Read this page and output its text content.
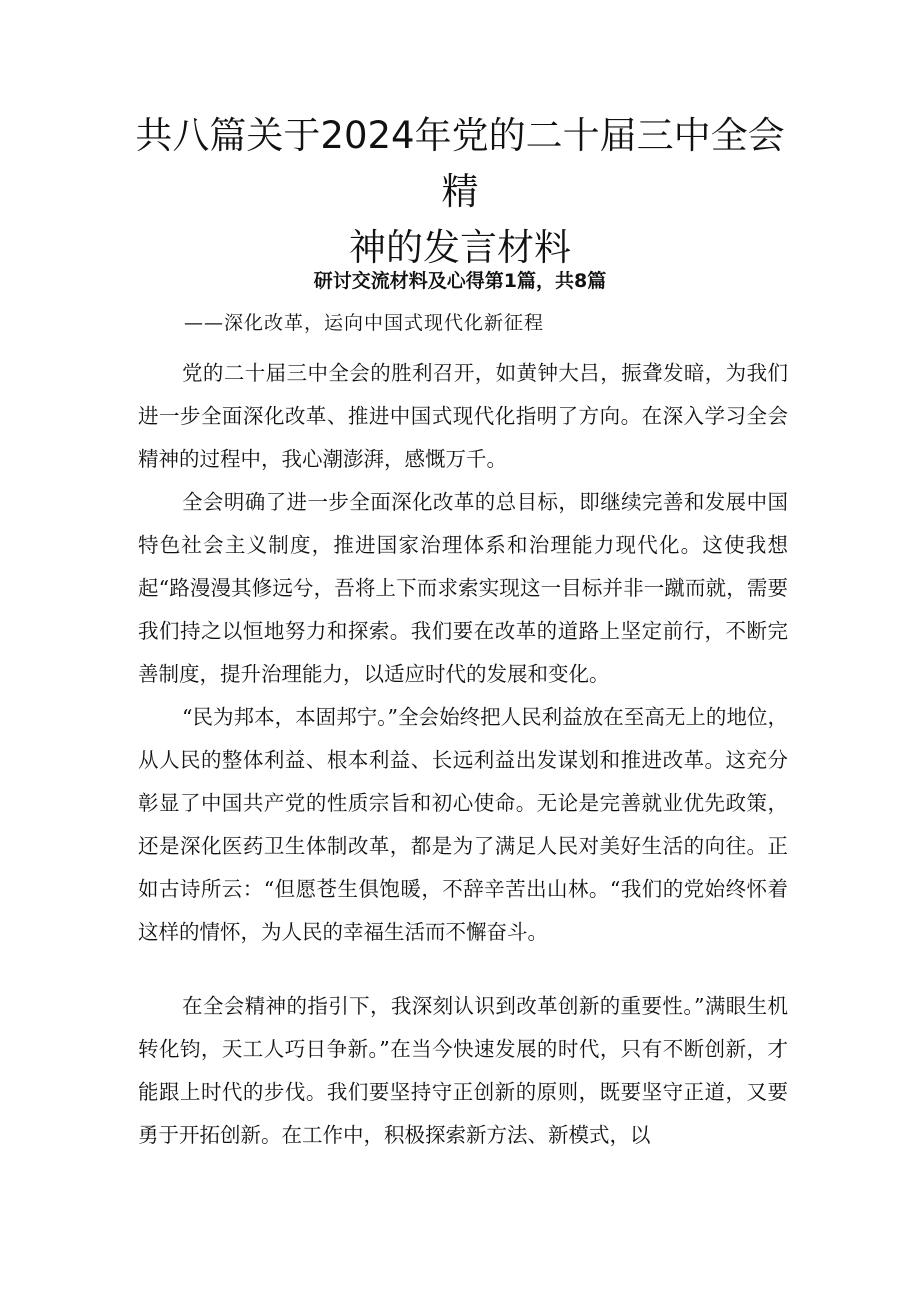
共八篇关于2024年党的二十届三中全会精
神的发言材料
研讨交流材料及心得第1篇，共8篇

——深化改革，运向中国式现代化新征程

党的二十届三中全会的胜利召开，如黄钟大吕，振聋发暗，为我们进一步全面深化改革、推进中国式现代化指明了方向。在深入学习全会精神的过程中，我心潮澎湃，感慨万千。

全会明确了进一步全面深化改革的总目标，即继续完善和发展中国特色社会主义制度，推进国家治理体系和治理能力现代化。这使我想起“路漫漫其修远兮，吾将上下而求索实现这一目标并非一蹴而就，需要我们持之以恒地努力和探索。我们要在改革的道路上坚定前行，不断完善制度，提升治理能力，以适应时代的发展和变化。

“民为邦本，本固邦宁。”全会始终把人民利益放在至高无上的地位，从人民的整体利益、根本利益、长远利益出发谋划和推进改革。这充分彰显了中国共产党的性质宗旨和初心使命。无论是完善就业优先政策，还是深化医药卫生体制改革，都是为了满足人民对美好生活的向往。正如古诗所云：“但愿苍生俱饱暖，不辞辛苦出山林。“我们的党始终怀着这样的情怀，为人民的幸福生活而不懈奋斗。

在全会精神的指引下，我深刻认识到改革创新的重要性。”满眼生机转化钧，天工人巧日争新。”在当今快速发展的时代，只有不断创新，才能跟上时代的步伐。我们要坚持守正创新的原则，既要坚守正道，又要勇于开拓创新。在工作中，积极探索新方法、新模式，以
